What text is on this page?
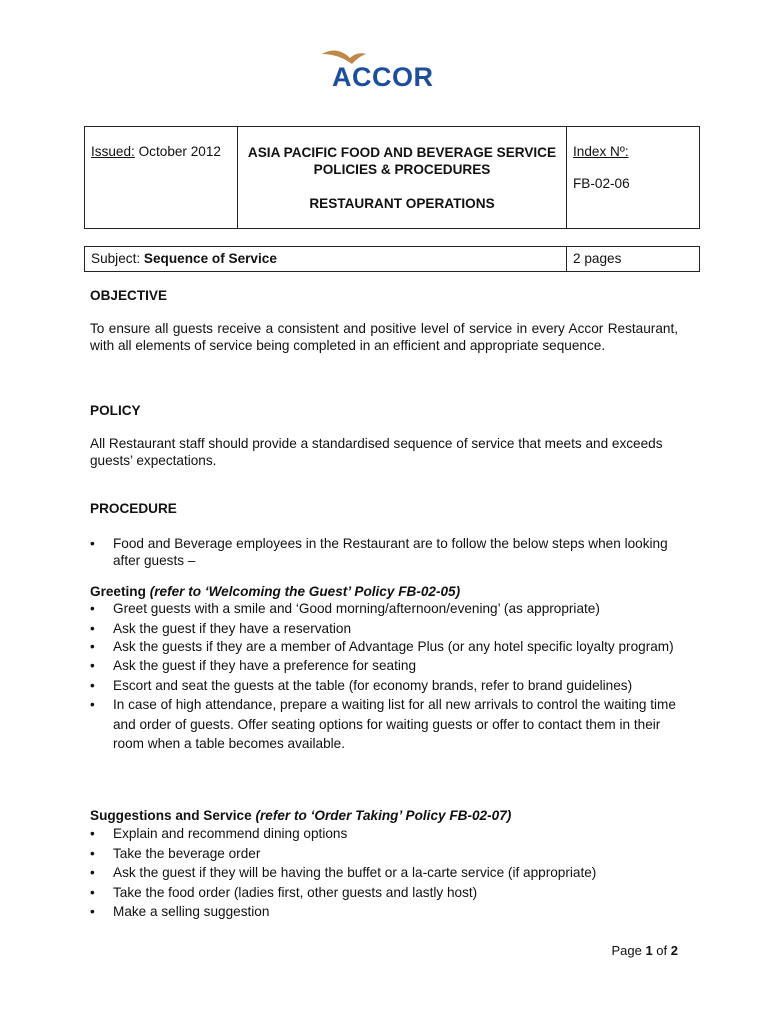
ACCOR
Issued: October 2012	ASIA PACIFIC FOOD AND BEVERAGE SERVICE
POLICIES & PROCEDURES
RESTAURANT OPERATIONS
Index Nº:
FB-02-06
Subject: Sequence of Service	2 pages
OBJECTIVE
To ensure all guests receive a consistent and positive level of service in every Accor Restaurant, with all elements of service being completed in an efficient and appropriate sequence.
POLICY
All Restaurant staff should provide a standardised sequence of service that meets and exceeds guests’ expectations.
PROCEDURE
• Food and Beverage employees in the Restaurant are to follow the below steps when looking after guests –
Greeting (refer to ‘Welcoming the Guest’ Policy FB-02-05)
• Greet guests with a smile and ‘Good morning/afternoon/evening’ (as appropriate)
• Ask the guest if they have a reservation
• Ask the guests if they are a member of Advantage Plus (or any hotel specific loyalty program)
• Ask the guest if they have a preference for seating
• Escort and seat the guests at the table (for economy brands, refer to brand guidelines)
• In case of high attendance, prepare a waiting list for all new arrivals to control the waiting time and order of guests. Offer seating options for waiting guests or offer to contact them in their room when a table becomes available.
Suggestions and Service (refer to ‘Order Taking’ Policy FB-02-07)
• Explain and recommend dining options
• Take the beverage order
• Ask the guest if they will be having the buffet or a la-carte service (if appropriate)
• Take the food order (ladies first, other guests and lastly host)
• Make a selling suggestion
Page 1 of 2
